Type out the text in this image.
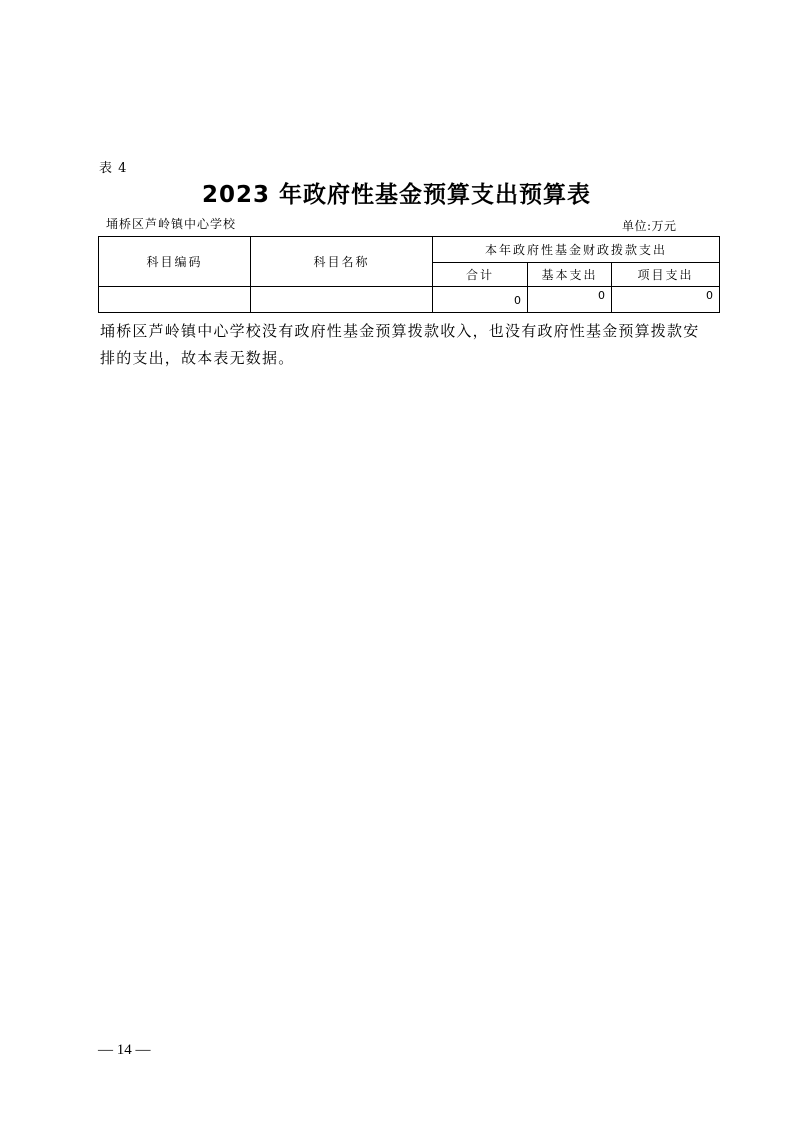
表 4
2023 年政府性基金预算支出预算表
埇桥区芦岭镇中心学校	单位:万元
科目编码	科目名称	本年政府性基金财政拨款支出		
		合计	基本支出	项目支出
		0	0	0
埇桥区芦岭镇中心学校没有政府性基金预算拨款收入，也没有政府性基金预算拨款安排的支出，故本表无数据。
— 14 —
